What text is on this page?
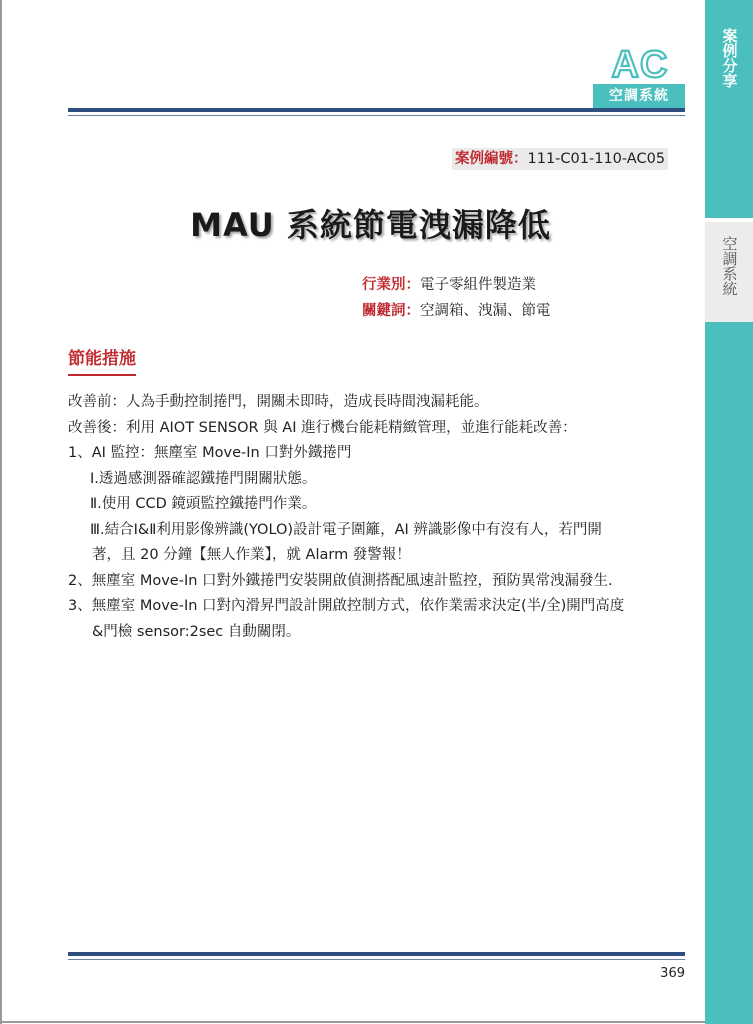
案例分享
空調系統
AC
空調系統
案例編號：111-C01-110-AC05
MAU 系統節電洩漏降低
行業別：電子零組件製造業
關鍵詞：空調箱、洩漏、節電
節能措施
改善前：人為手動控制捲門，開關未即時，造成長時間洩漏耗能。
改善後：利用 AIOT SENSOR 與 AI 進行機台能耗精緻管理，並進行能耗改善：
1、AI 監控：無塵室 Move-In 口對外鐵捲門
Ⅰ.透過感測器確認鐵捲門開關狀態。
Ⅱ.使用 CCD 鏡頭監控鐵捲門作業。
Ⅲ.結合Ⅰ&Ⅱ利用影像辨識(YOLO)設計電子圍籬，AI 辨識影像中有沒有人，若門開
著，且 20 分鐘【無人作業】，就 Alarm 發警報！
2、無塵室 Move-In 口對外鐵捲門安裝開啟偵測搭配風速計監控，預防異常洩漏發生.
3、無塵室 Move-In 口對內滑昇門設計開啟控制方式，依作業需求決定(半/全)開門高度
&門檢 sensor:2sec 自動關閉。
369
